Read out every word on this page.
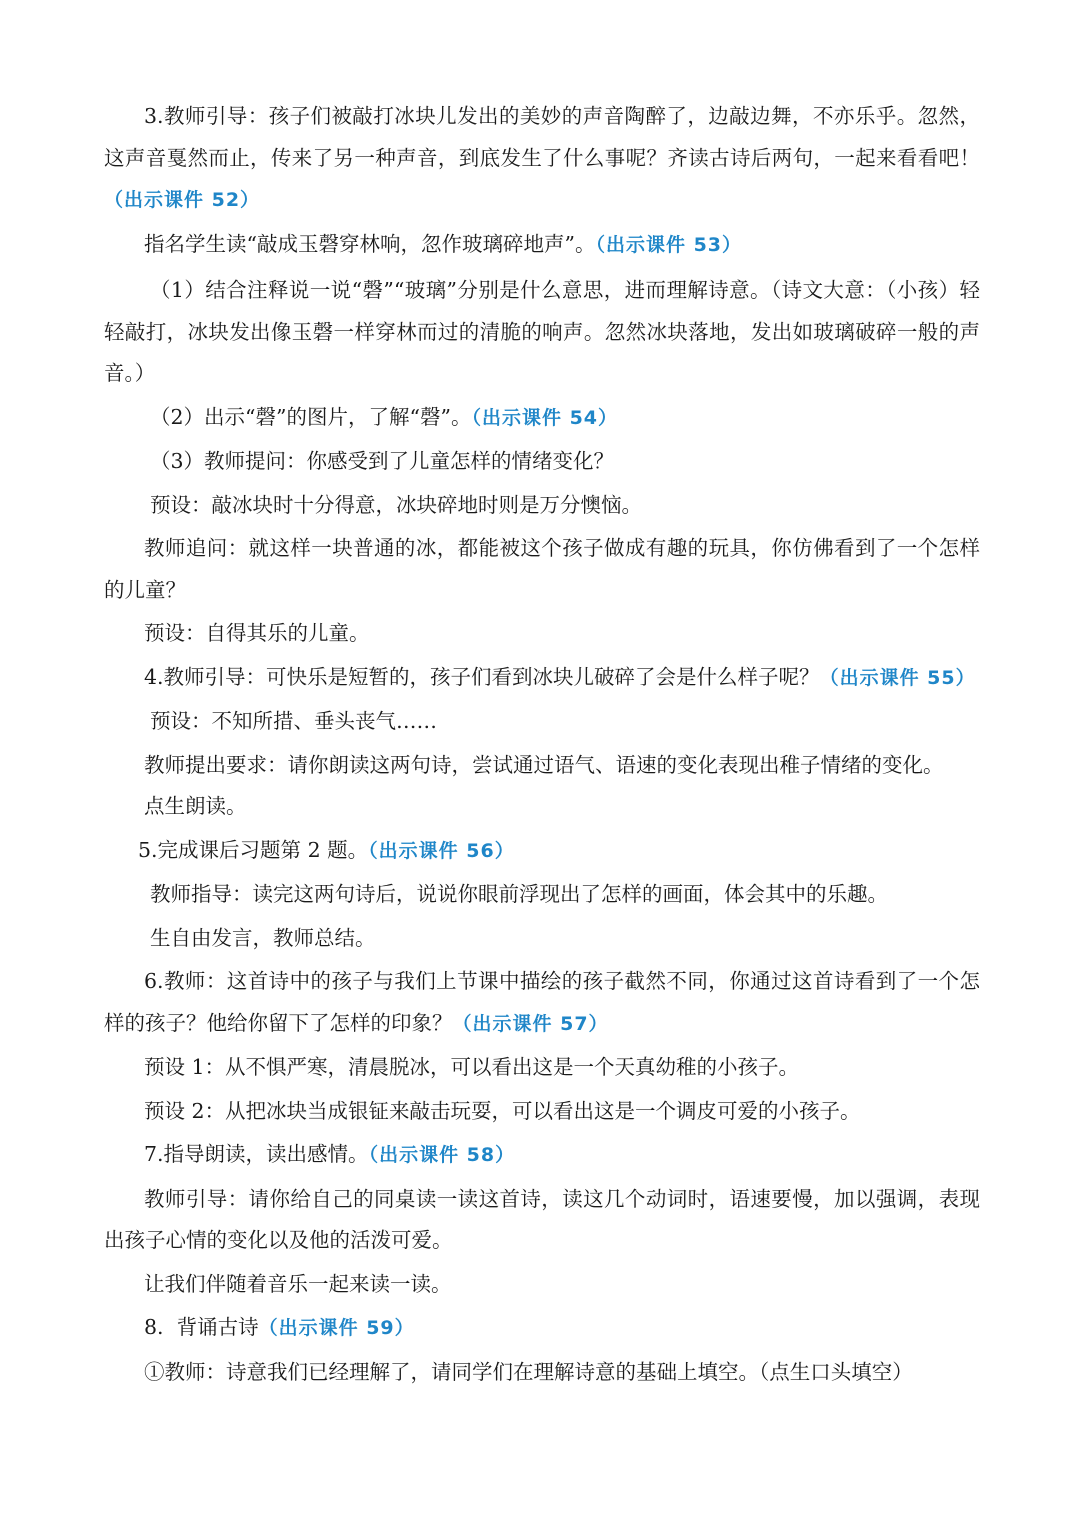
3.教师引导：孩子们被敲打冰块儿发出的美妙的声音陶醉了，边敲边舞，不亦乐乎。忽然，这声音戛然而止，传来了另一种声音，到底发生了什么事呢？齐读古诗后两句，一起来看看吧！（出示课件 52）

指名学生读“敲成玉磬穿林响，忽作玻璃碎地声”。（出示课件 53）

（1）结合注释说一说“磬”“玻璃”分别是什么意思，进而理解诗意。（诗文大意：（小孩）轻轻敲打，冰块发出像玉磬一样穿林而过的清脆的响声。忽然冰块落地，发出如玻璃破碎一般的声音。）

（2）出示“磬”的图片，了解“磬”。（出示课件 54）

（3）教师提问：你感受到了儿童怎样的情绪变化？

预设：敲冰块时十分得意，冰块碎地时则是万分懊恼。

教师追问：就这样一块普通的冰，都能被这个孩子做成有趣的玩具，你仿佛看到了一个怎样的儿童？

预设：自得其乐的儿童。

4.教师引导：可快乐是短暂的，孩子们看到冰块儿破碎了会是什么样子呢？（出示课件 55）

预设：不知所措、垂头丧气……

教师提出要求：请你朗读这两句诗，尝试通过语气、语速的变化表现出稚子情绪的变化。

点生朗读。

5.完成课后习题第 2 题。（出示课件 56）

教师指导：读完这两句诗后，说说你眼前浮现出了怎样的画面，体会其中的乐趣。

生自由发言，教师总结。

6.教师：这首诗中的孩子与我们上节课中描绘的孩子截然不同，你通过这首诗看到了一个怎样的孩子？他给你留下了怎样的印象？（出示课件 57）

预设 1：从不惧严寒，清晨脱冰，可以看出这是一个天真幼稚的小孩子。

预设 2：从把冰块当成银钲来敲击玩耍，可以看出这是一个调皮可爱的小孩子。

7.指导朗读，读出感情。（出示课件 58）

教师引导：请你给自己的同桌读一读这首诗，读这几个动词时，语速要慢，加以强调，表现出孩子心情的变化以及他的活泼可爱。

让我们伴随着音乐一起来读一读。

8.  背诵古诗（出示课件 59）

①教师：诗意我们已经理解了，请同学们在理解诗意的基础上填空。（点生口头填空）
